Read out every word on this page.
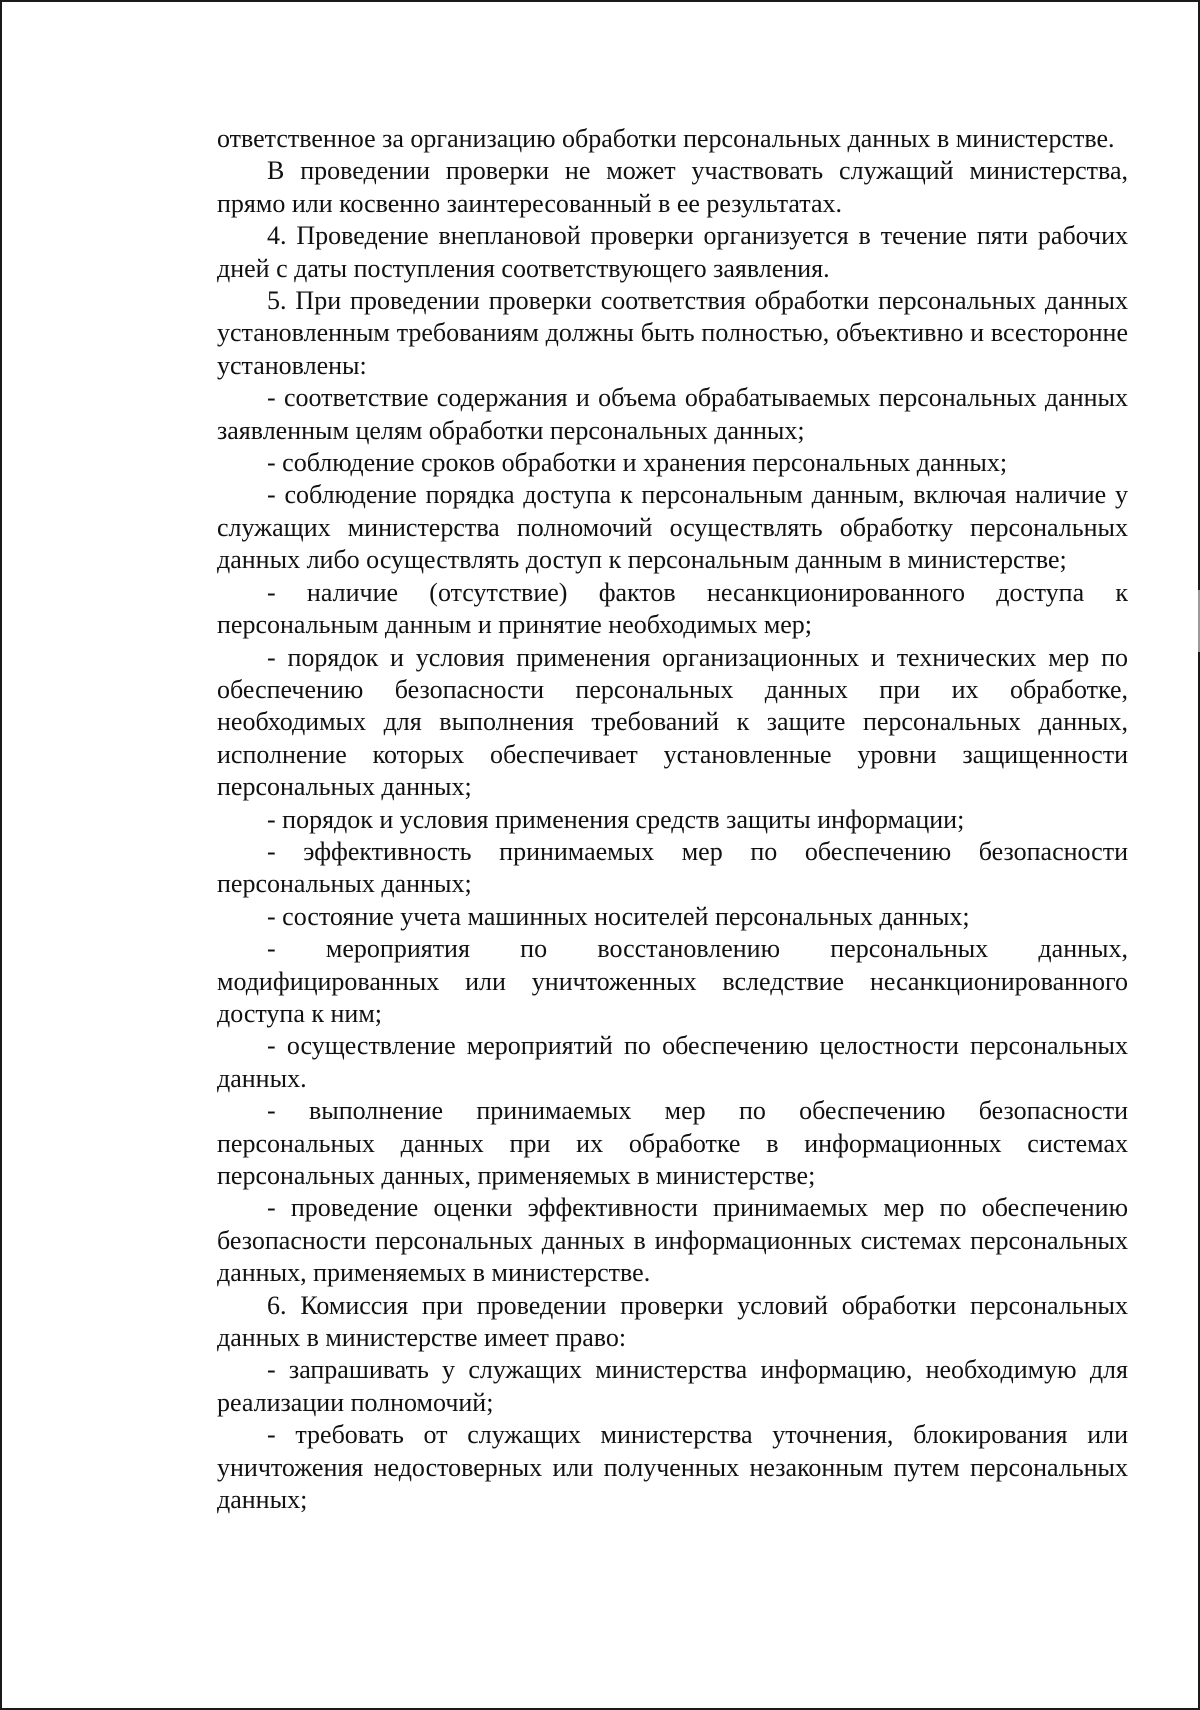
ответственное за организацию обработки персональных данных в министерстве.

В проведении проверки не может участвовать служащий министерства, прямо или косвенно заинтересованный в ее результатах.

4. Проведение внеплановой проверки организуется в течение пяти рабочих дней с даты поступления соответствующего заявления.

5. При проведении проверки соответствия обработки персональных данных установленным требованиям должны быть полностью, объективно и всесторонне установлены:

- соответствие содержания и объема обрабатываемых персональных данных заявленным целям обработки персональных данных;

- соблюдение сроков обработки и хранения персональных данных;

- соблюдение порядка доступа к персональным данным, включая наличие у служащих министерства полномочий осуществлять обработку персональных данных либо осуществлять доступ к персональным данным в министерстве;

- наличие (отсутствие) фактов несанкционированного доступа к персональным данным и принятие необходимых мер;

- порядок и условия применения организационных и технических мер по обеспечению безопасности персональных данных при их обработке, необходимых для выполнения требований к защите персональных данных, исполнение которых обеспечивает установленные уровни защищенности персональных данных;

- порядок и условия применения средств защиты информации;

- эффективность принимаемых мер по обеспечению безопасности персональных данных;

- состояние учета машинных носителей персональных данных;

- мероприятия по восстановлению персональных данных, модифицированных или уничтоженных вследствие несанкционированного доступа к ним;

- осуществление мероприятий по обеспечению целостности персональных данных.

- выполнение принимаемых мер по обеспечению безопасности персональных данных при их обработке в информационных системах персональных данных, применяемых в министерстве;

- проведение оценки эффективности принимаемых мер по обеспечению безопасности персональных данных в информационных системах персональных данных, применяемых в министерстве.

6. Комиссия при проведении проверки условий обработки персональных данных в министерстве имеет право:

- запрашивать у служащих министерства информацию, необходимую для реализации полномочий;

- требовать от служащих министерства уточнения, блокирования или уничтожения недостоверных или полученных незаконным путем персональных данных;
